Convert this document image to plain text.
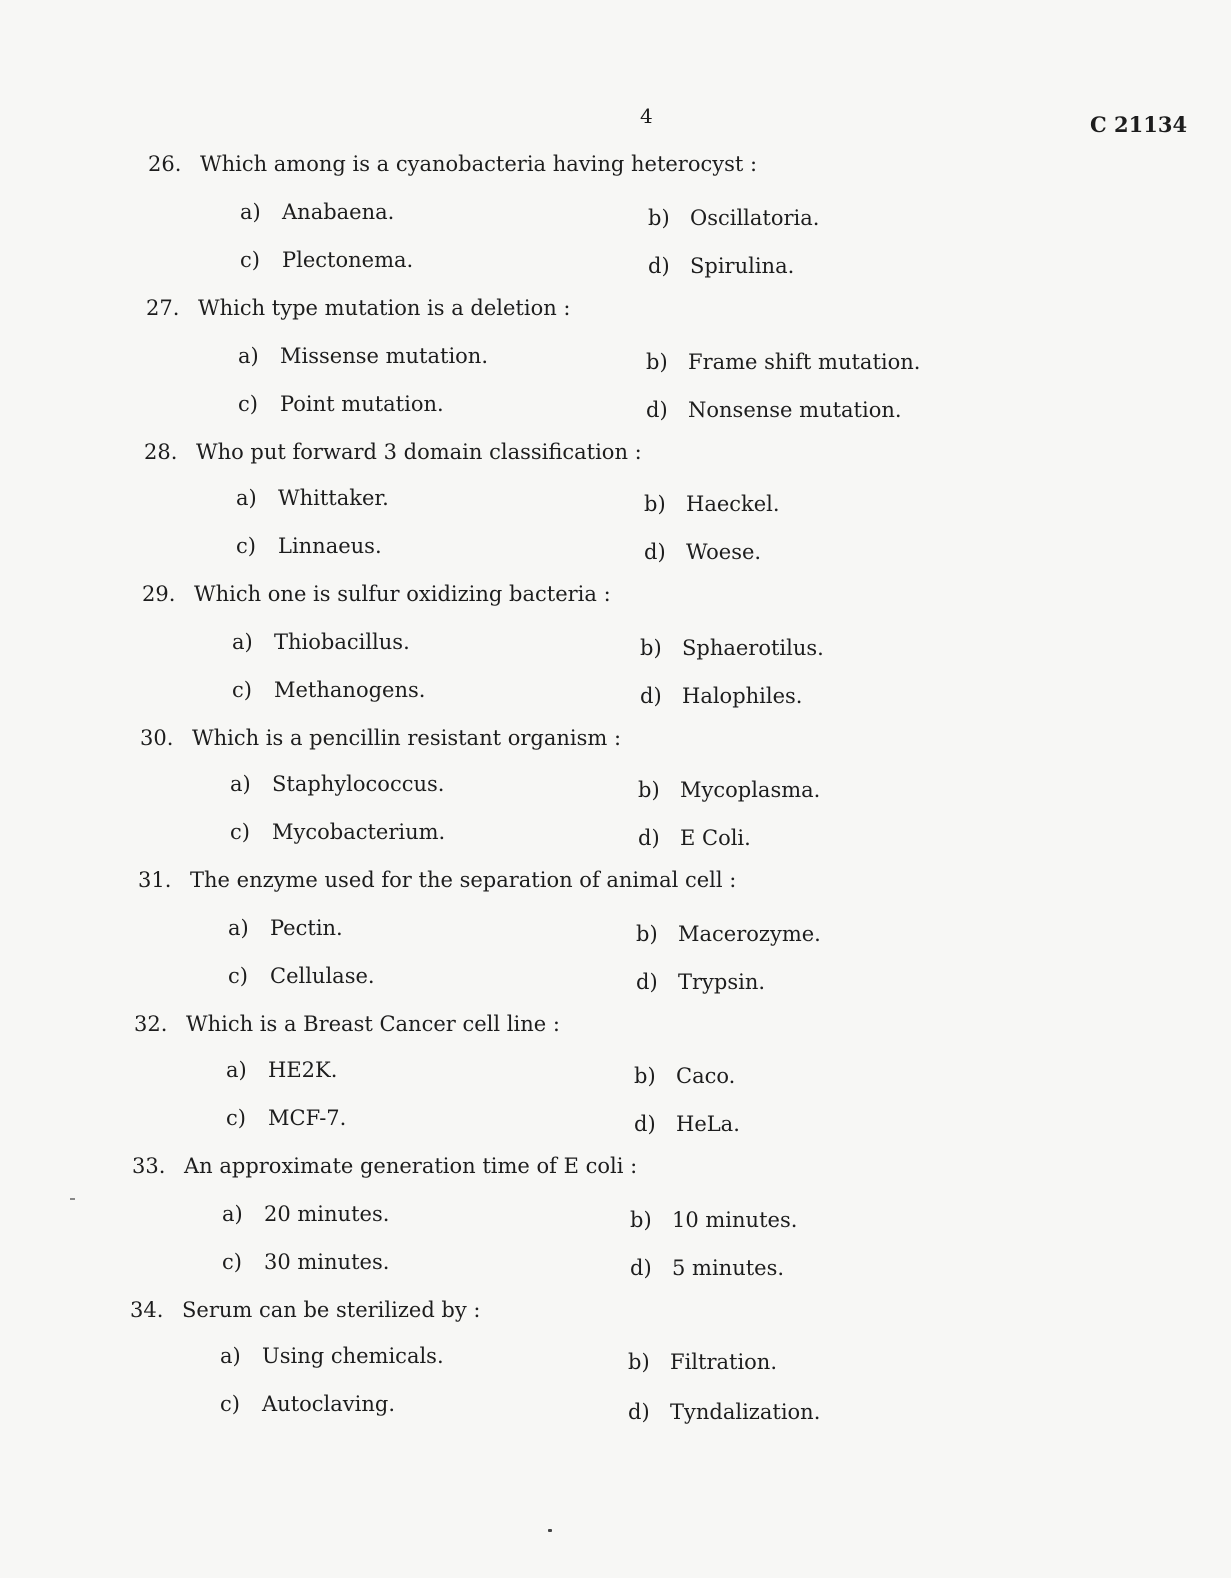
4	C 21134
26. Which among is a cyanobacteria having heterocyst :
a) Anabaena.	b) Oscillatoria.
c) Plectonema.	d) Spirulina.
27. Which type mutation is a deletion :
a) Missense mutation.	b) Frame shift mutation.
c) Point mutation.	d) Nonsense mutation.
28. Who put forward 3 domain classification :
a) Whittaker.	b) Haeckel.
c) Linnaeus.	d) Woese.
29. Which one is sulfur oxidizing bacteria :
a) Thiobacillus.	b) Sphaerotilus.
c) Methanogens.	d) Halophiles.
30. Which is a pencillin resistant organism :
a) Staphylococcus.	b) Mycoplasma.
c) Mycobacterium.	d) E Coli.
31. The enzyme used for the separation of animal cell :
a) Pectin.	b) Macerozyme.
c) Cellulase.	d) Trypsin.
32. Which is a Breast Cancer cell line :
a) HE2K.	b) Caco.
c) MCF-7.	d) HeLa.
33. An approximate generation time of E coli :
a) 20 minutes.	b) 10 minutes.
c) 30 minutes.	d) 5 minutes.
34. Serum can be sterilized by :
a) Using chemicals.	b) Filtration.
c) Autoclaving.	d) Tyndalization.
